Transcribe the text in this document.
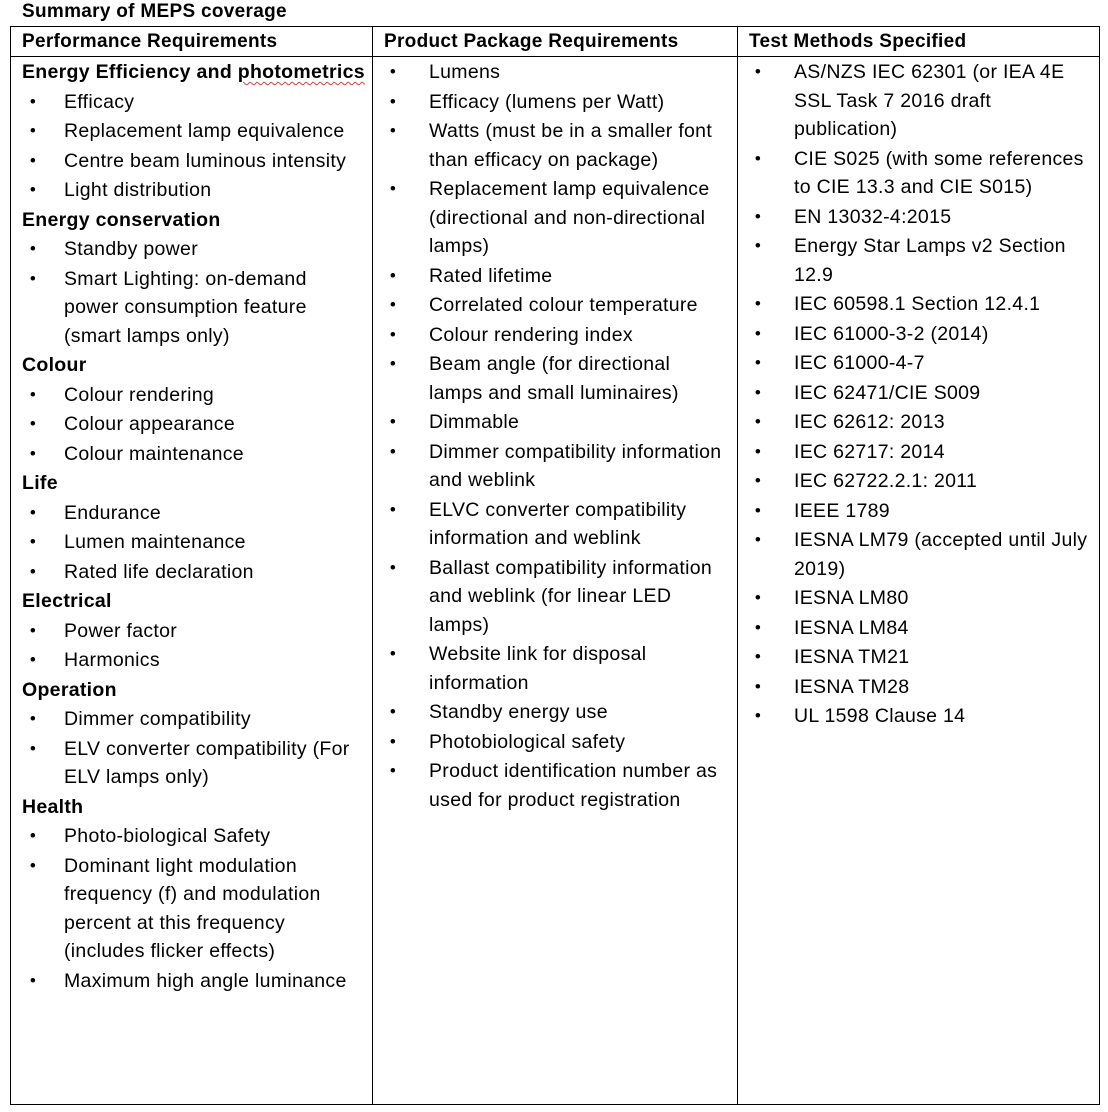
Summary of MEPS coverage
Performance Requirements
Energy Efficiency and photometrics
• Efficacy
• Replacement lamp equivalence
• Centre beam luminous intensity
• Light distribution
Energy conservation
• Standby power
• Smart Lighting: on-demand power consumption feature (smart lamps only)
Colour
• Colour rendering
• Colour appearance
• Colour maintenance
Life
• Endurance
• Lumen maintenance
• Rated life declaration
Electrical
• Power factor
• Harmonics
Operation
• Dimmer compatibility
• ELV converter compatibility (For ELV lamps only)
Health
• Photo-biological Safety
• Dominant light modulation frequency (f) and modulation percent at this frequency (includes flicker effects)
• Maximum high angle luminance
Product Package Requirements
• Lumens
• Efficacy (lumens per Watt)
• Watts (must be in a smaller font than efficacy on package)
• Replacement lamp equivalence (directional and non-directional lamps)
• Rated lifetime
• Correlated colour temperature
• Colour rendering index
• Beam angle (for directional lamps and small luminaires)
• Dimmable
• Dimmer compatibility information and weblink
• ELVC converter compatibility information and weblink
• Ballast compatibility information and weblink (for linear LED lamps)
• Website link for disposal information
• Standby energy use
• Photobiological safety
• Product identification number as used for product registration
Test Methods Specified
• AS/NZS IEC 62301 (or IEA 4E SSL Task 7 2016 draft publication)
• CIE S025 (with some references to CIE 13.3 and CIE S015)
• EN 13032-4:2015
• Energy Star Lamps v2 Section 12.9
• IEC 60598.1 Section 12.4.1
• IEC 61000-3-2 (2014)
• IEC 61000-4-7
• IEC 62471/CIE S009
• IEC 62612: 2013
• IEC 62717: 2014
• IEC 62722.2.1: 2011
• IEEE 1789
• IESNA LM79 (accepted until July 2019)
• IESNA LM80
• IESNA LM84
• IESNA TM21
• IESNA TM28
• UL 1598 Clause 14
